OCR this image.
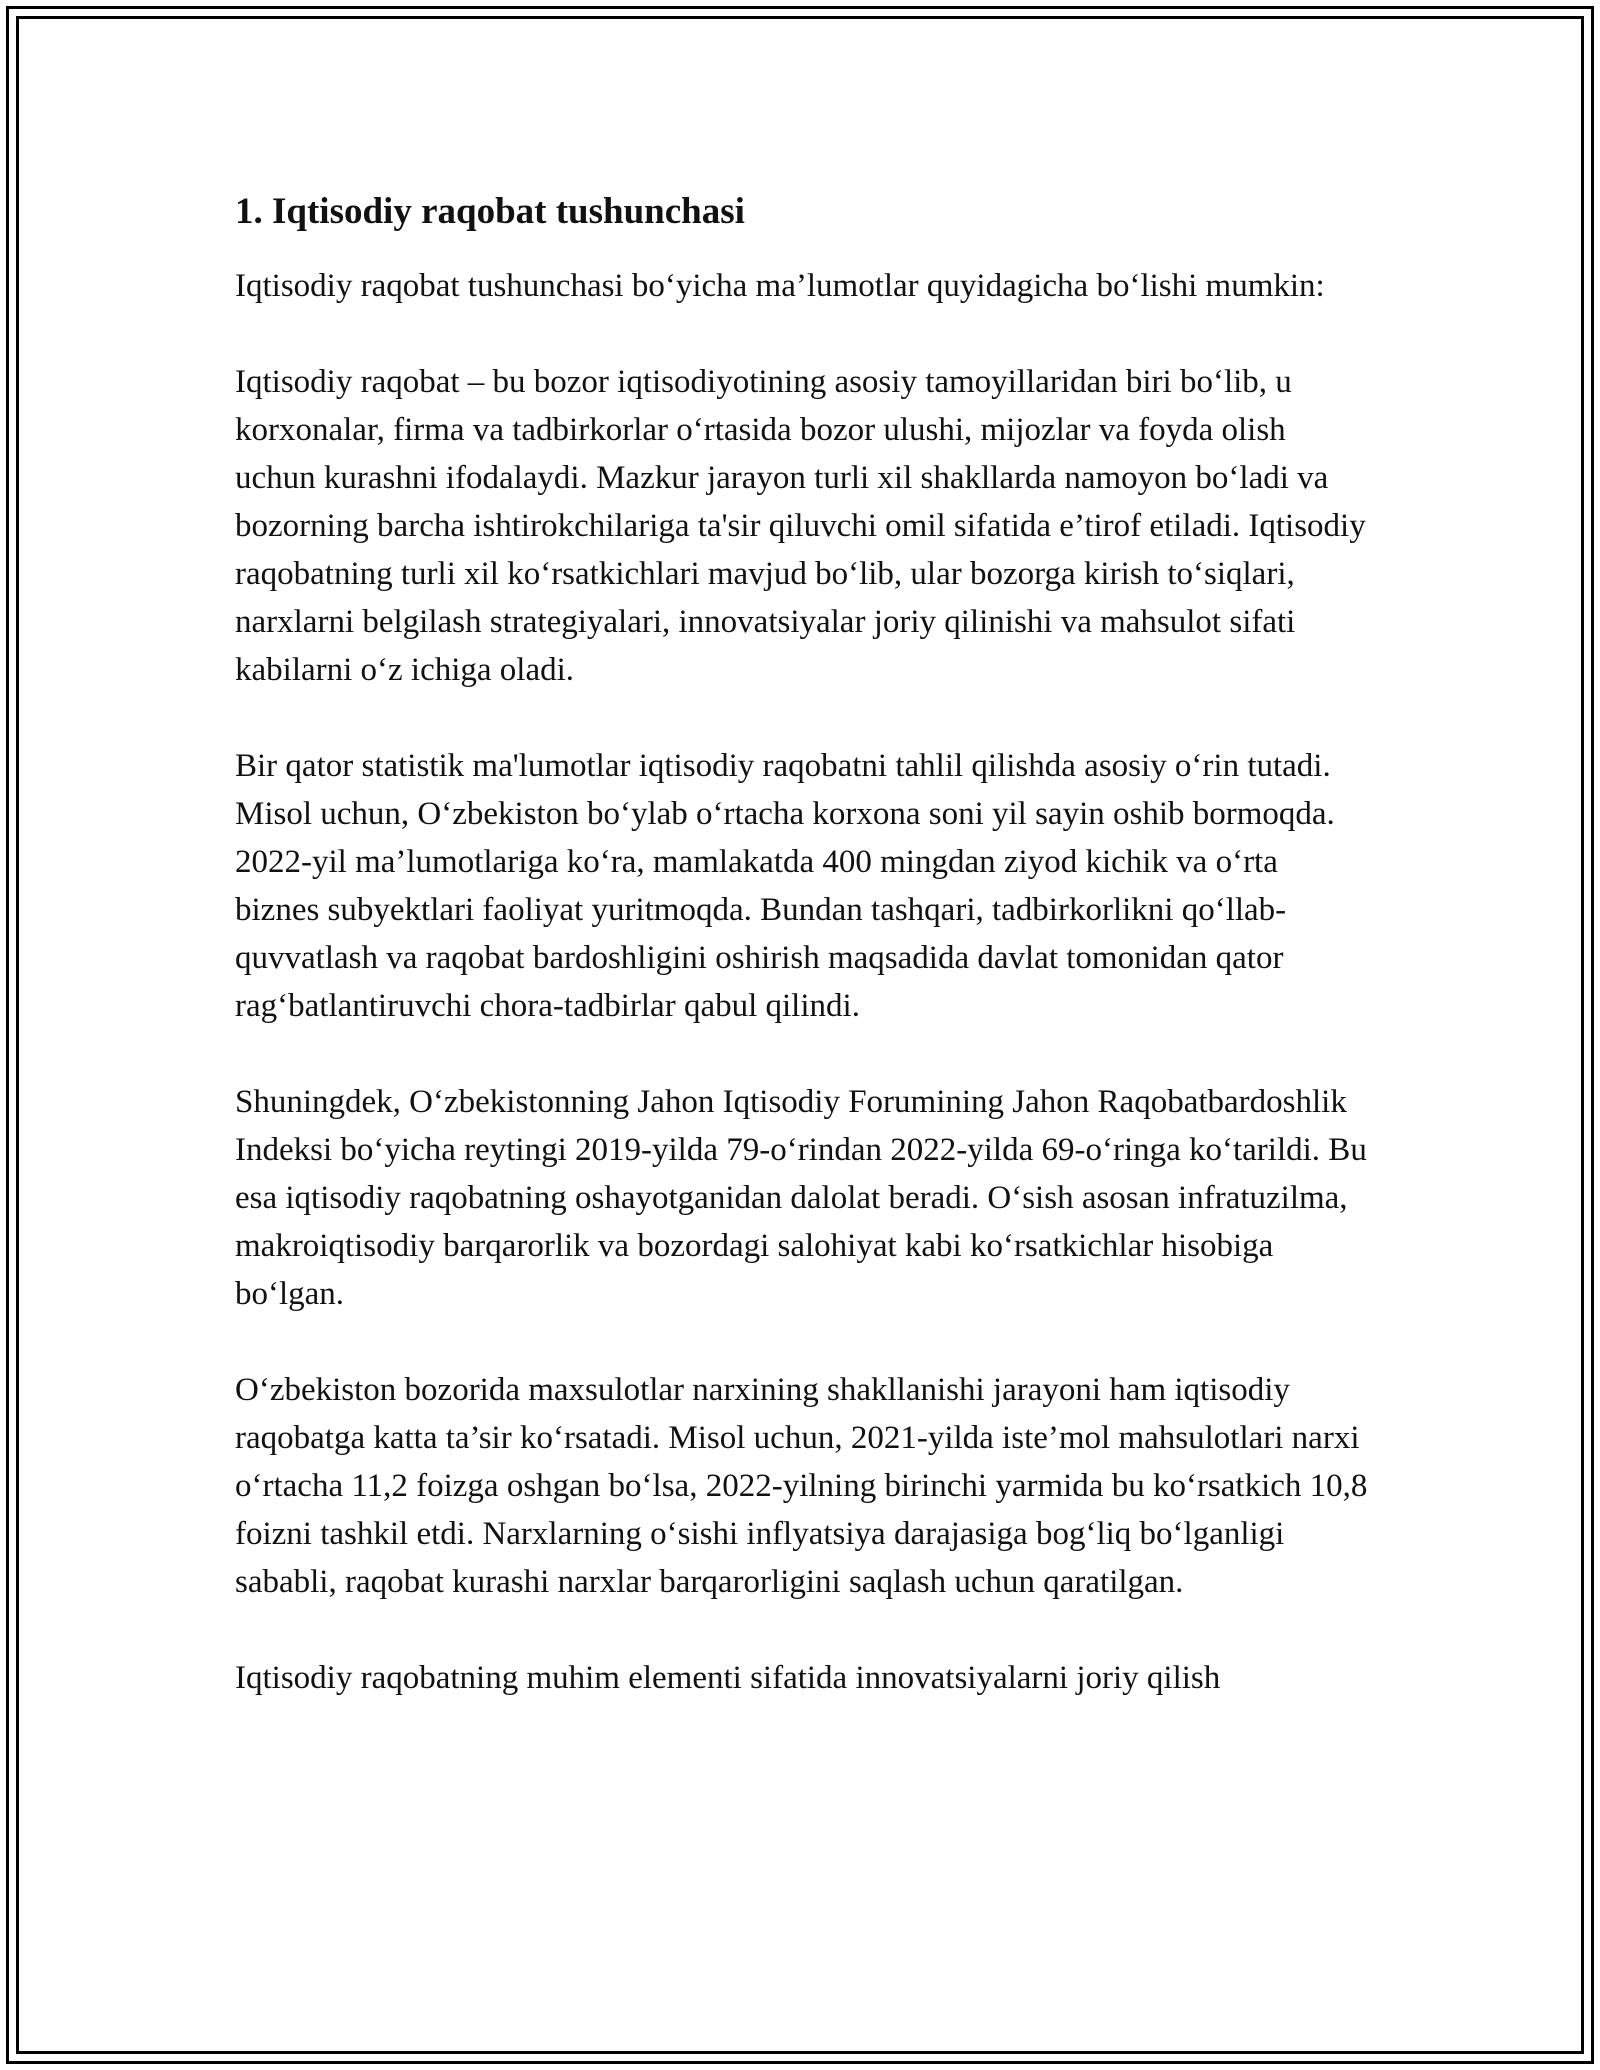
1. Iqtisodiy raqobat tushunchasi

Iqtisodiy raqobat tushunchasi bo‘yicha ma’lumotlar quyidagicha bo‘lishi mumkin:

Iqtisodiy raqobat – bu bozor iqtisodiyotining asosiy tamoyillaridan biri bo‘lib, u korxonalar, firma va tadbirkorlar o‘rtasida bozor ulushi, mijozlar va foyda olish uchun kurashni ifodalaydi. Mazkur jarayon turli xil shakllarda namoyon bo‘ladi va bozorning barcha ishtirokchilariga ta'sir qiluvchi omil sifatida e’tirof etiladi. Iqtisodiy raqobatning turli xil ko‘rsatkichlari mavjud bo‘lib, ular bozorga kirish to‘siqlari, narxlarni belgilash strategiyalari, innovatsiyalar joriy qilinishi va mahsulot sifati kabilarni o‘z ichiga oladi.

Bir qator statistik ma'lumotlar iqtisodiy raqobatni tahlil qilishda asosiy o‘rin tutadi. Misol uchun, O‘zbekiston bo‘ylab o‘rtacha korxona soni yil sayin oshib bormoqda. 2022-yil ma’lumotlariga ko‘ra, mamlakatda 400 mingdan ziyod kichik va o‘rta biznes subyektlari faoliyat yuritmoqda. Bundan tashqari, tadbirkorlikni qo‘llab-quvvatlash va raqobat bardoshligini oshirish maqsadida davlat tomonidan qator rag‘batlantiruvchi chora-tadbirlar qabul qilindi.

Shuningdek, O‘zbekistonning Jahon Iqtisodiy Forumining Jahon Raqobatbardoshlik Indeksi bo‘yicha reytingi 2019-yilda 79-o‘rindan 2022-yilda 69-o‘ringa ko‘tarildi. Bu esa iqtisodiy raqobatning oshayotganidan dalolat beradi. O‘sish asosan infratuzilma, makroiqtisodiy barqarorlik va bozordagi salohiyat kabi ko‘rsatkichlar hisobiga bo‘lgan.

O‘zbekiston bozorida maxsulotlar narxining shakllanishi jarayoni ham iqtisodiy raqobatga katta ta’sir ko‘rsatadi. Misol uchun, 2021-yilda iste’mol mahsulotlari narxi o‘rtacha 11,2 foizga oshgan bo‘lsa, 2022-yilning birinchi yarmida bu ko‘rsatkich 10,8 foizni tashkil etdi. Narxlarning o‘sishi inflyatsiya darajasiga bog‘liq bo‘lganligi sababli, raqobat kurashi narxlar barqarorligini saqlash uchun qaratilgan.

Iqtisodiy raqobatning muhim elementi sifatida innovatsiyalarni joriy qilish
